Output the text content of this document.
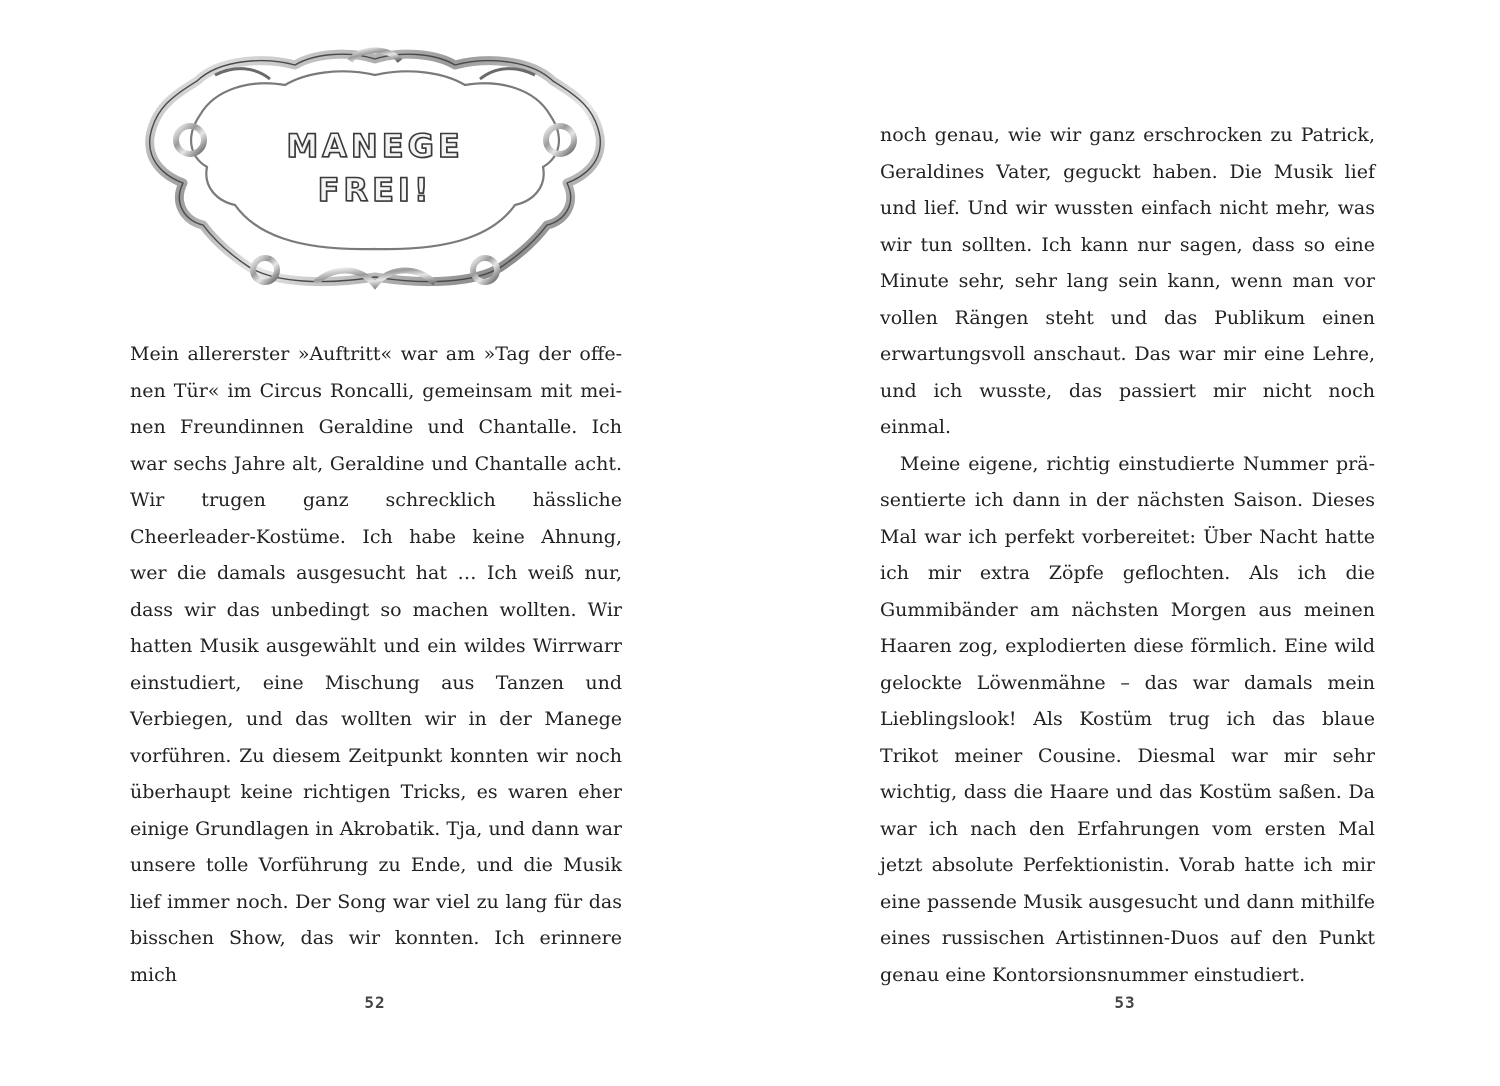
MANEGE
FREI!

Mein allererster »Auftritt« war am »Tag der offenen Tür« im Circus Roncalli, gemeinsam mit meinen Freundinnen Geraldine und Chantalle. Ich war sechs Jahre alt, Geraldine und Chantalle acht. Wir trugen ganz schrecklich hässliche Cheerleader-Kostüme. Ich habe keine Ahnung, wer die damals ausgesucht hat … Ich weiß nur, dass wir das unbedingt so machen wollten. Wir hatten Musik ausgewählt und ein wildes Wirrwarr einstudiert, eine Mischung aus Tanzen und Verbiegen, und das wollten wir in der Manege vorführen. Zu diesem Zeitpunkt konnten wir noch überhaupt keine richtigen Tricks, es waren eher einige Grundlagen in Akrobatik. Tja, und dann war unsere tolle Vorführung zu Ende, und die Musik lief immer noch. Der Song war viel zu lang für das bisschen Show, das wir konnten. Ich erinnere mich

52	53

noch genau, wie wir ganz erschrocken zu Patrick, Geraldines Vater, geguckt haben. Die Musik lief und lief. Und wir wussten einfach nicht mehr, was wir tun sollten. Ich kann nur sagen, dass so eine Minute sehr, sehr lang sein kann, wenn man vor vollen Rängen steht und das Publikum einen erwartungsvoll anschaut. Das war mir eine Lehre, und ich wusste, das passiert mir nicht noch einmal.

Meine eigene, richtig einstudierte Nummer präsentierte ich dann in der nächsten Saison. Dieses Mal war ich perfekt vorbereitet: Über Nacht hatte ich mir extra Zöpfe geflochten. Als ich die Gummibänder am nächsten Morgen aus meinen Haaren zog, explodierten diese förmlich. Eine wild gelockte Löwenmähne – das war damals mein Lieblingslook! Als Kostüm trug ich das blaue Trikot meiner Cousine. Diesmal war mir sehr wichtig, dass die Haare und das Kostüm saßen. Da war ich nach den Erfahrungen vom ersten Mal jetzt absolute Perfektionistin. Vorab hatte ich mir eine passende Musik ausgesucht und dann mithilfe eines russischen Artistinnen-Duos auf den Punkt genau eine Kontorsionsnummer einstudiert.
